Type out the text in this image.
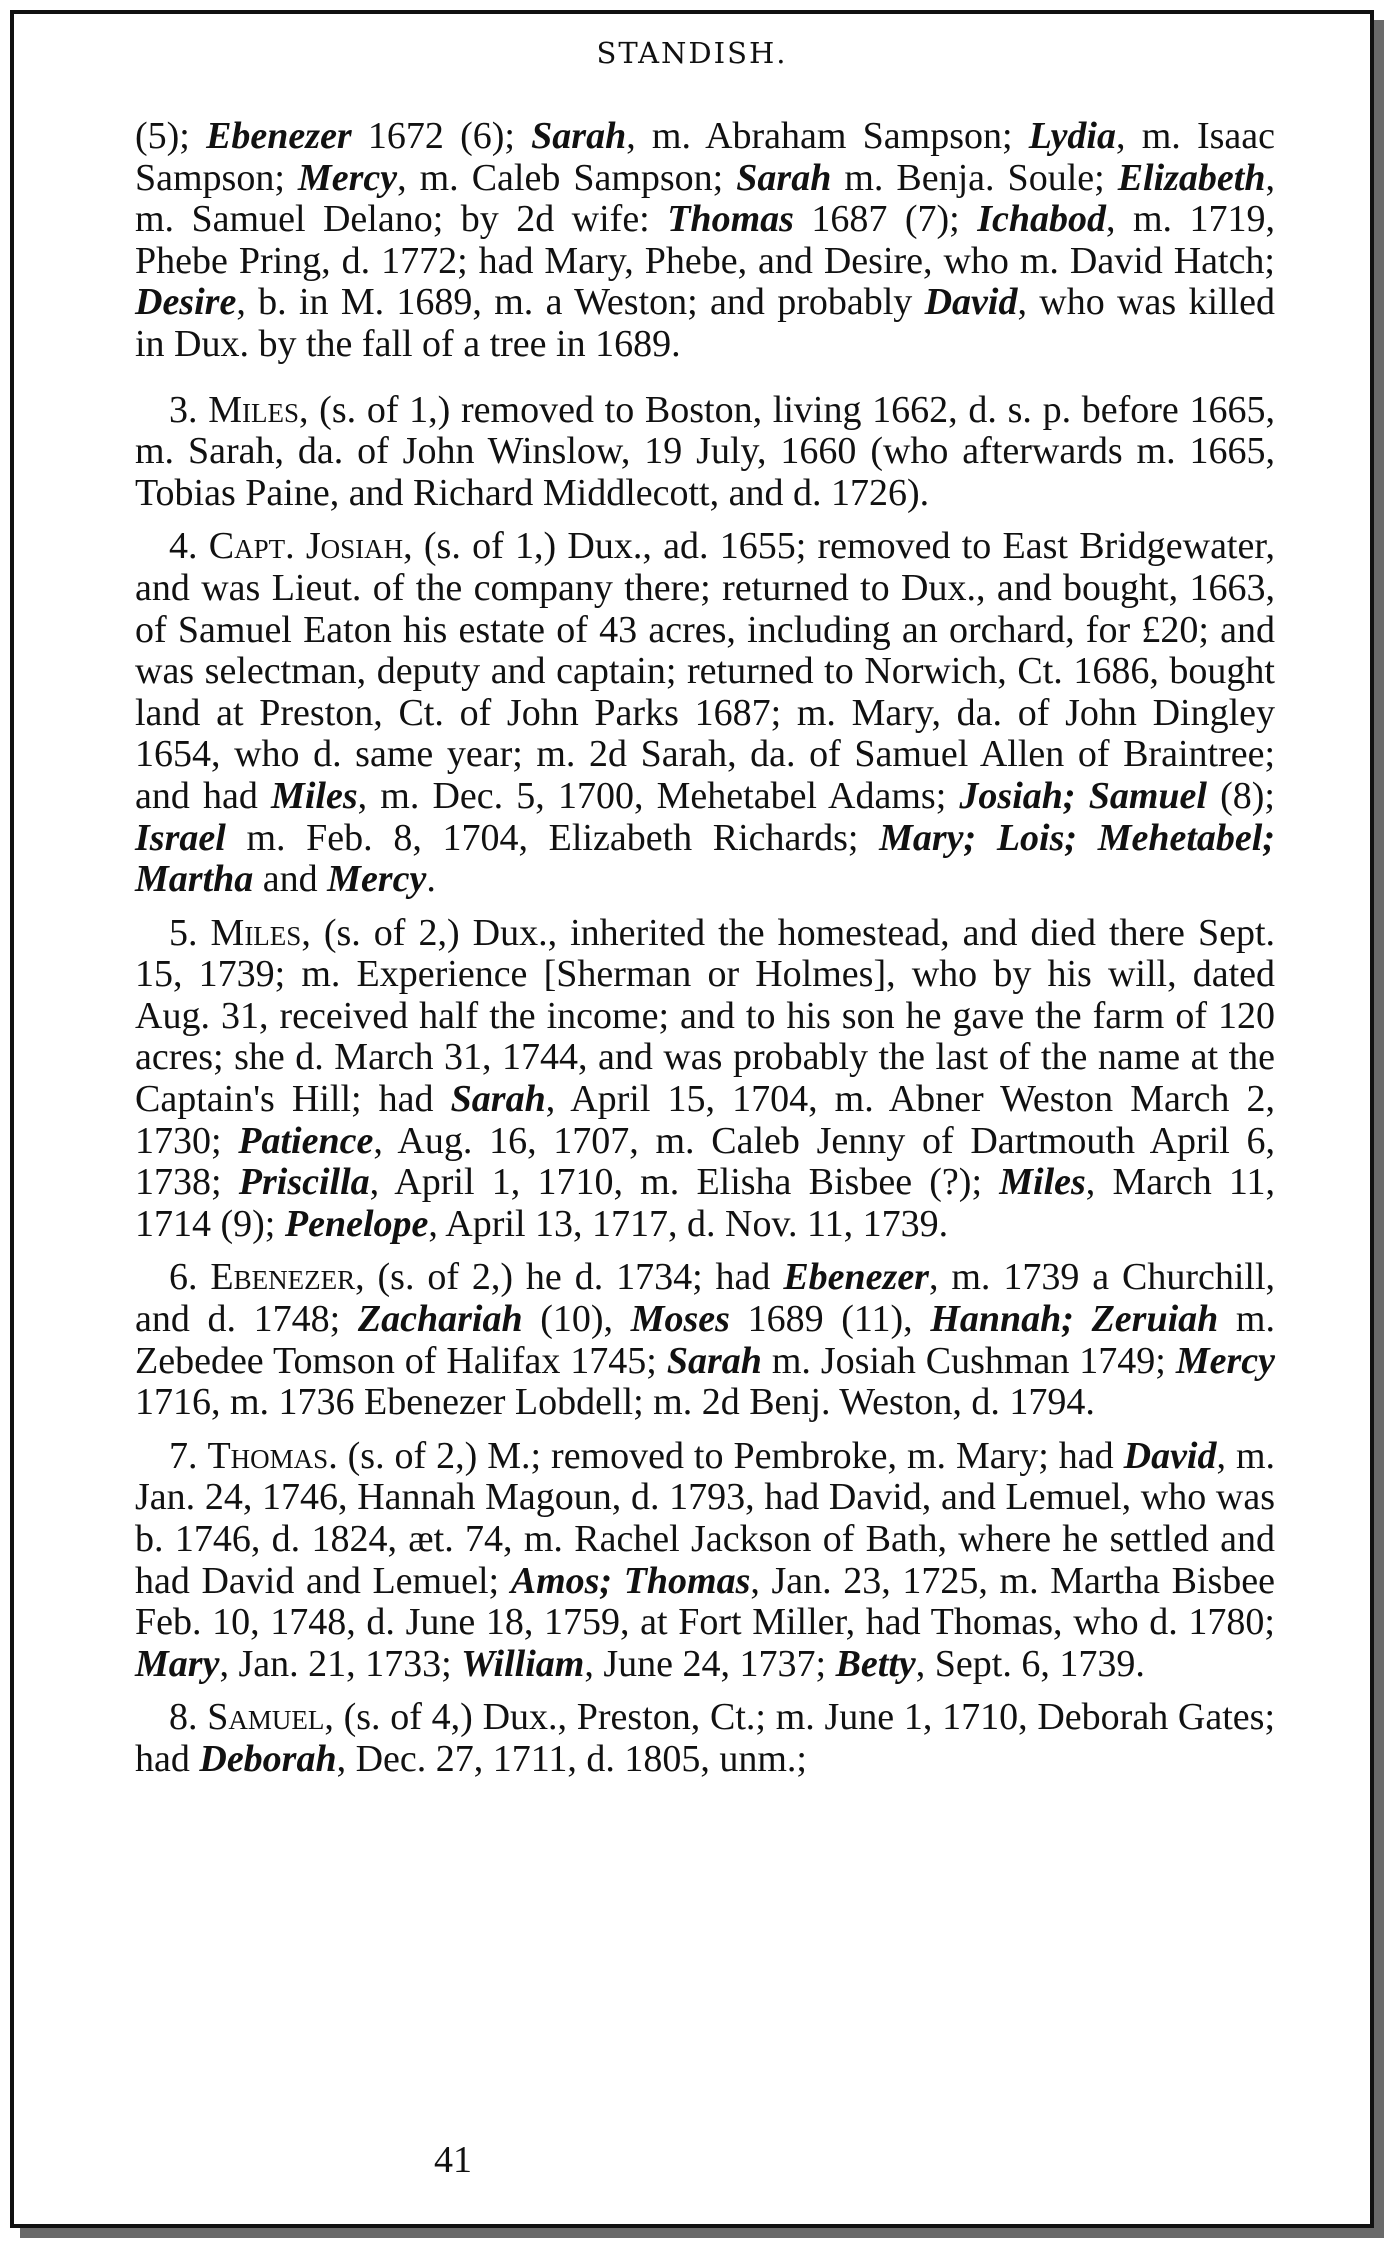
STANDISH.

(5); Ebenezer 1672 (6); Sarah, m. Abraham Sampson; Lydia, m. Isaac Sampson; Mercy, m. Caleb Sampson; Sarah m. Benja. Soule; Elizabeth, m. Samuel Delano; by 2d wife: Thomas 1687 (7); Ichabod, m. 1719, Phebe Pring, d. 1772; had Mary, Phebe, and Desire, who m. David Hatch; Desire, b. in M. 1689, m. a Weston; and probably David, who was killed in Dux. by the fall of a tree in 1689.

3. Miles, (s. of 1,) removed to Boston, living 1662, d. s. p. before 1665, m. Sarah, da. of John Winslow, 19 July, 1660 (who afterwards m. 1665, Tobias Paine, and Richard Middlecott, and d. 1726).

4. Capt. Josiah, (s. of 1,) Dux., ad. 1655; removed to East Bridgewater, and was Lieut. of the company there; returned to Dux., and bought, 1663, of Samuel Eaton his estate of 43 acres, including an orchard, for £20; and was selectman, deputy and captain; returned to Norwich, Ct. 1686, bought land at Preston, Ct. of John Parks 1687; m. Mary, da. of John Dingley 1654, who d. same year; m. 2d Sarah, da. of Samuel Allen of Braintree; and had Miles, m. Dec. 5, 1700, Mehetabel Adams; Josiah; Samuel (8); Israel m. Feb. 8, 1704, Elizabeth Richards; Mary; Lois; Mehetabel; Martha and Mercy.

5. Miles, (s. of 2,) Dux., inherited the homestead, and died there Sept. 15, 1739; m. Experience [Sherman or Holmes], who by his will, dated Aug. 31, received half the income; and to his son he gave the farm of 120 acres; she d. March 31, 1744, and was probably the last of the name at the Captain's Hill; had Sarah, April 15, 1704, m. Abner Weston March 2, 1730; Patience, Aug. 16, 1707, m. Caleb Jenny of Dartmouth April 6, 1738; Priscilla, April 1, 1710, m. Elisha Bisbee (?); Miles, March 11, 1714 (9); Penelope, April 13, 1717, d. Nov. 11, 1739.

6. Ebenezer, (s. of 2,) he d. 1734; had Ebenezer, m. 1739 a Churchill, and d. 1748; Zachariah (10), Moses 1689 (11), Hannah; Zeruiah m. Zebedee Tomson of Halifax 1745; Sarah m. Josiah Cushman 1749; Mercy 1716, m. 1736 Ebenezer Lobdell; m. 2d Benj. Weston, d. 1794.

7. Thomas. (s. of 2,) M.; removed to Pembroke, m. Mary; had David, m. Jan. 24, 1746, Hannah Magoun, d. 1793, had David, and Lemuel, who was b. 1746, d. 1824, æt. 74, m. Rachel Jackson of Bath, where he settled and had David and Lemuel; Amos; Thomas, Jan. 23, 1725, m. Martha Bisbee Feb. 10, 1748, d. June 18, 1759, at Fort Miller, had Thomas, who d. 1780; Mary, Jan. 21, 1733; William, June 24, 1737; Betty, Sept. 6, 1739.

8. Samuel, (s. of 4,) Dux., Preston, Ct.; m. June 1, 1710, Deborah Gates; had Deborah, Dec. 27, 1711, d. 1805, unm.;

41
